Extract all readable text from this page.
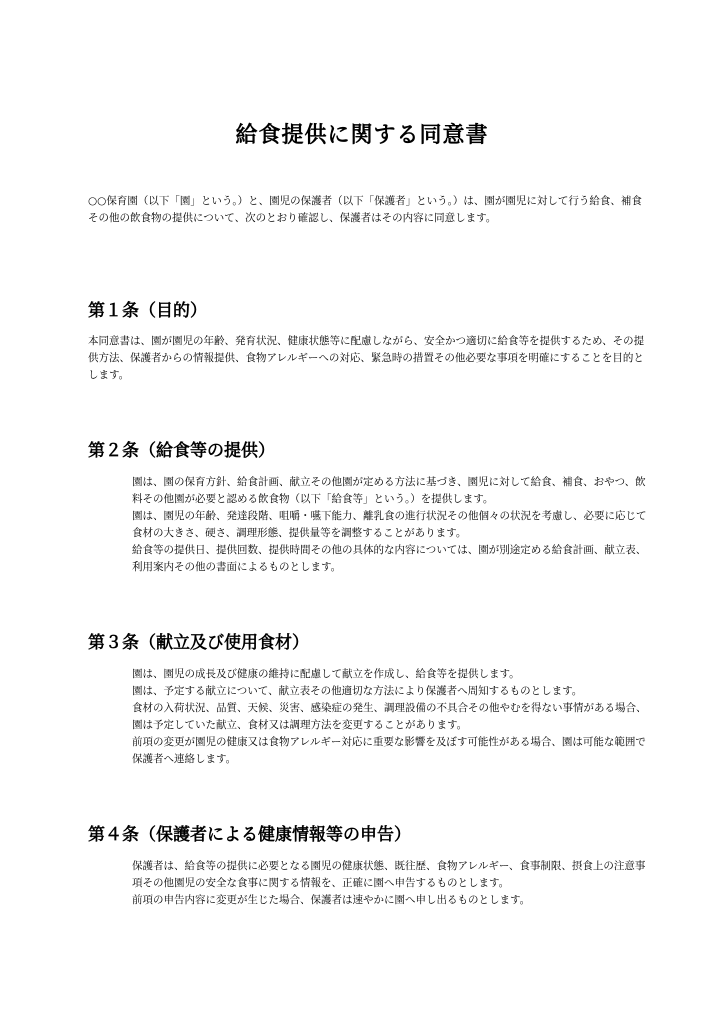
給食提供に関する同意書

○○保育園（以下「園」という。）と、園児の保護者（以下「保護者」という。）は、園が園児に対して行う給食、補食その他の飲食物の提供について、次のとおり確認し、保護者はその内容に同意します。

第１条（目的）

本同意書は、園が園児の年齢、発育状況、健康状態等に配慮しながら、安全かつ適切に給食等を提供するため、その提供方法、保護者からの情報提供、食物アレルギーへの対応、緊急時の措置その他必要な事項を明確にすることを目的とします。

第２条（給食等の提供）

園は、園の保育方針、給食計画、献立その他園が定める方法に基づき、園児に対して給食、補食、おやつ、飲料その他園が必要と認める飲食物（以下「給食等」という。）を提供します。

園は、園児の年齢、発達段階、咀嚼・嚥下能力、離乳食の進行状況その他個々の状況を考慮し、必要に応じて食材の大きさ、硬さ、調理形態、提供量等を調整することがあります。

給食等の提供日、提供回数、提供時間その他の具体的な内容については、園が別途定める給食計画、献立表、利用案内その他の書面によるものとします。

第３条（献立及び使用食材）

園は、園児の成長及び健康の維持に配慮して献立を作成し、給食等を提供します。

園は、予定する献立について、献立表その他適切な方法により保護者へ周知するものとします。

食材の入荷状況、品質、天候、災害、感染症の発生、調理設備の不具合その他やむを得ない事情がある場合、園は予定していた献立、食材又は調理方法を変更することがあります。

前項の変更が園児の健康又は食物アレルギー対応に重要な影響を及ぼす可能性がある場合、園は可能な範囲で保護者へ連絡します。

第４条（保護者による健康情報等の申告）

保護者は、給食等の提供に必要となる園児の健康状態、既往歴、食物アレルギー、食事制限、摂食上の注意事項その他園児の安全な食事に関する情報を、正確に園へ申告するものとします。

前項の申告内容に変更が生じた場合、保護者は速やかに園へ申し出るものとします。
